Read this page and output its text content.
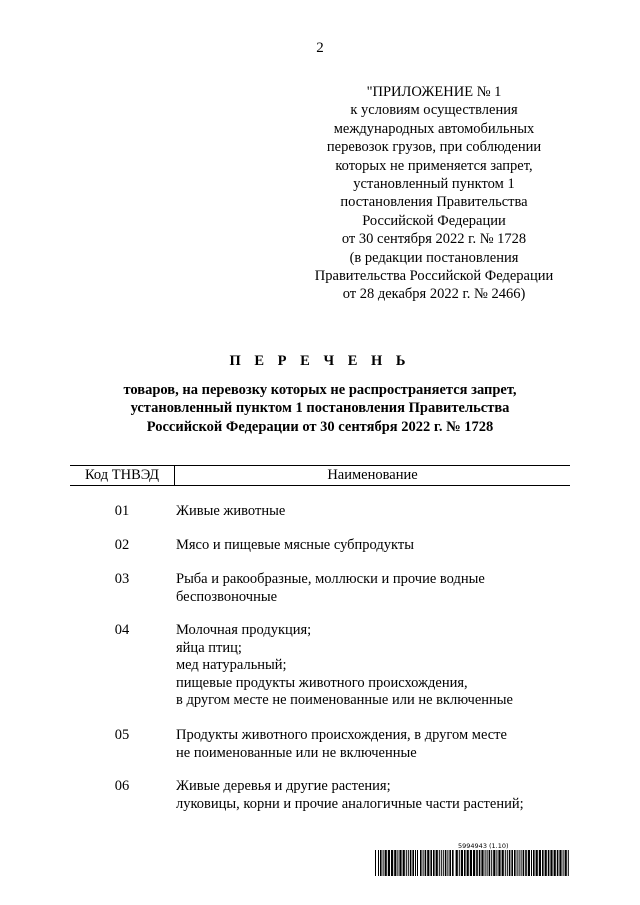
2
"ПРИЛОЖЕНИЕ № 1
к условиям осуществления
международных автомобильных
перевозок грузов, при соблюдении
которых не применяется запрет,
установленный пунктом 1
постановления Правительства
Российской Федерации
от 30 сентября 2022 г. № 1728
(в редакции постановления
Правительства Российской Федерации
от 28 декабря 2022 г. № 2466)
П Е Р Е Ч Е Н Ь
товаров, на перевозку которых не распространяется запрет,
установленный пунктом 1 постановления Правительства
Российской Федерации от 30 сентября 2022 г. № 1728
Код ТНВЭД	Наименование
01	Живые животные
02	Мясо и пищевые мясные субпродукты
03	Рыба и ракообразные, моллюски и прочие водные
беспозвоночные
04	Молочная продукция;
яйца птиц;
мед натуральный;
пищевые продукты животного происхождения,
в другом месте не поименованные или не включенные
05	Продукты животного происхождения, в другом месте
не поименованные или не включенные
06	Живые деревья и другие растения;
луковицы, корни и прочие аналогичные части растений;
5994943 (1.10)
